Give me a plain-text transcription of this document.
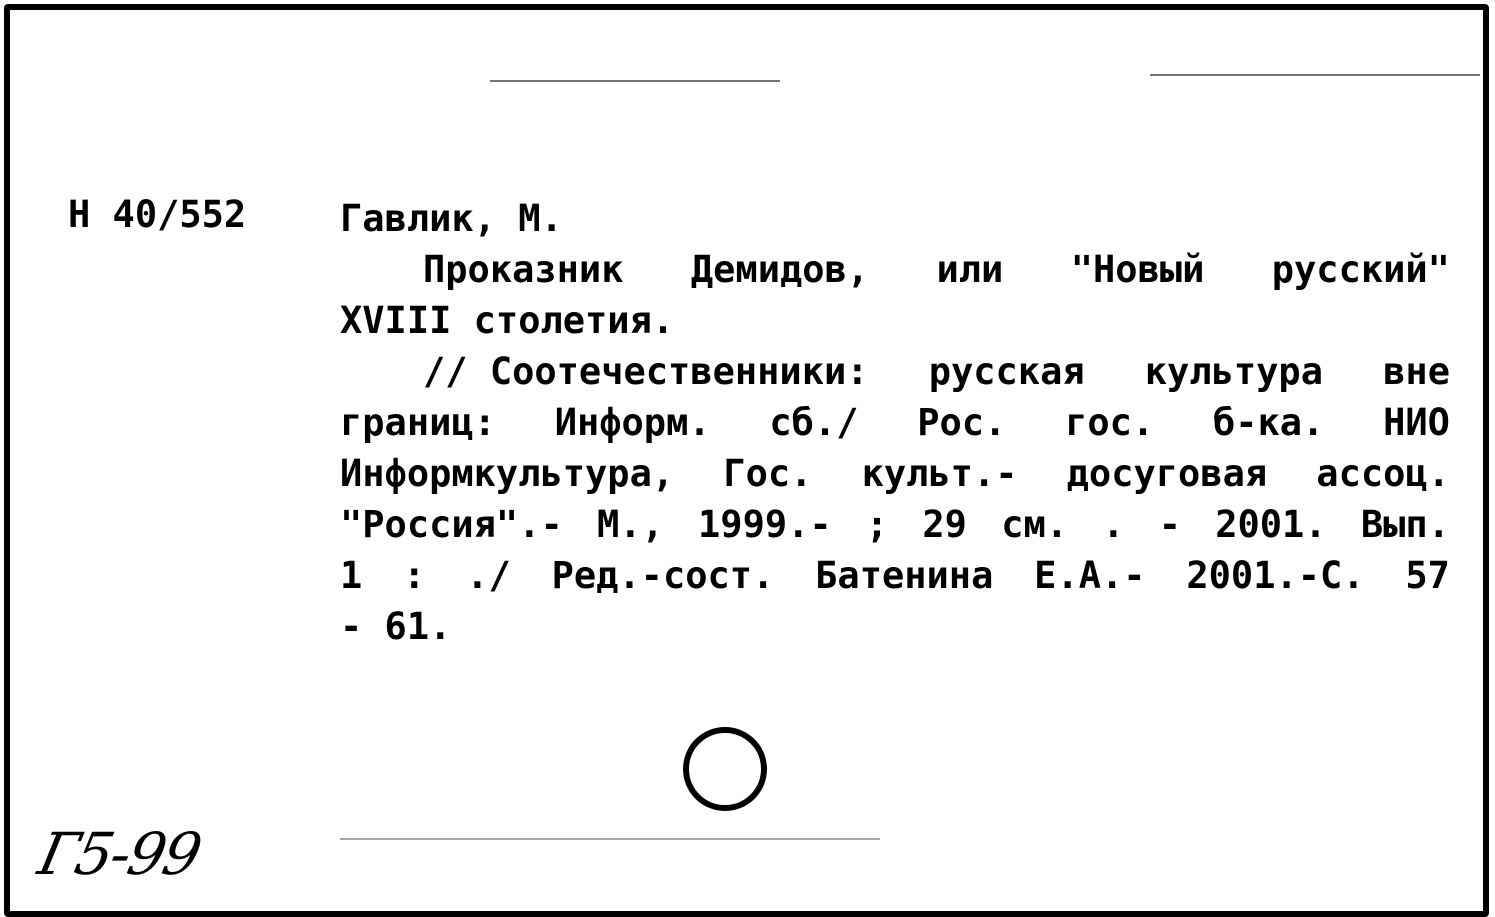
Н 40/552	Гавлик, М.
Проказник Демидов, или "Новый русский"
XVIII столетия.
// Соотечественники: русская культура вне
границ: Информ. сб./ Рос. гос. б-ка. НИО
Информкультура, Гос. культ.- досуговая ассоц.
"Россия".- М., 1999.- ; 29 см. . - 2001. Вып.
1 : ./ Ред.-сост. Батенина Е.А.- 2001.-С. 57
- 61.
Г5-99
